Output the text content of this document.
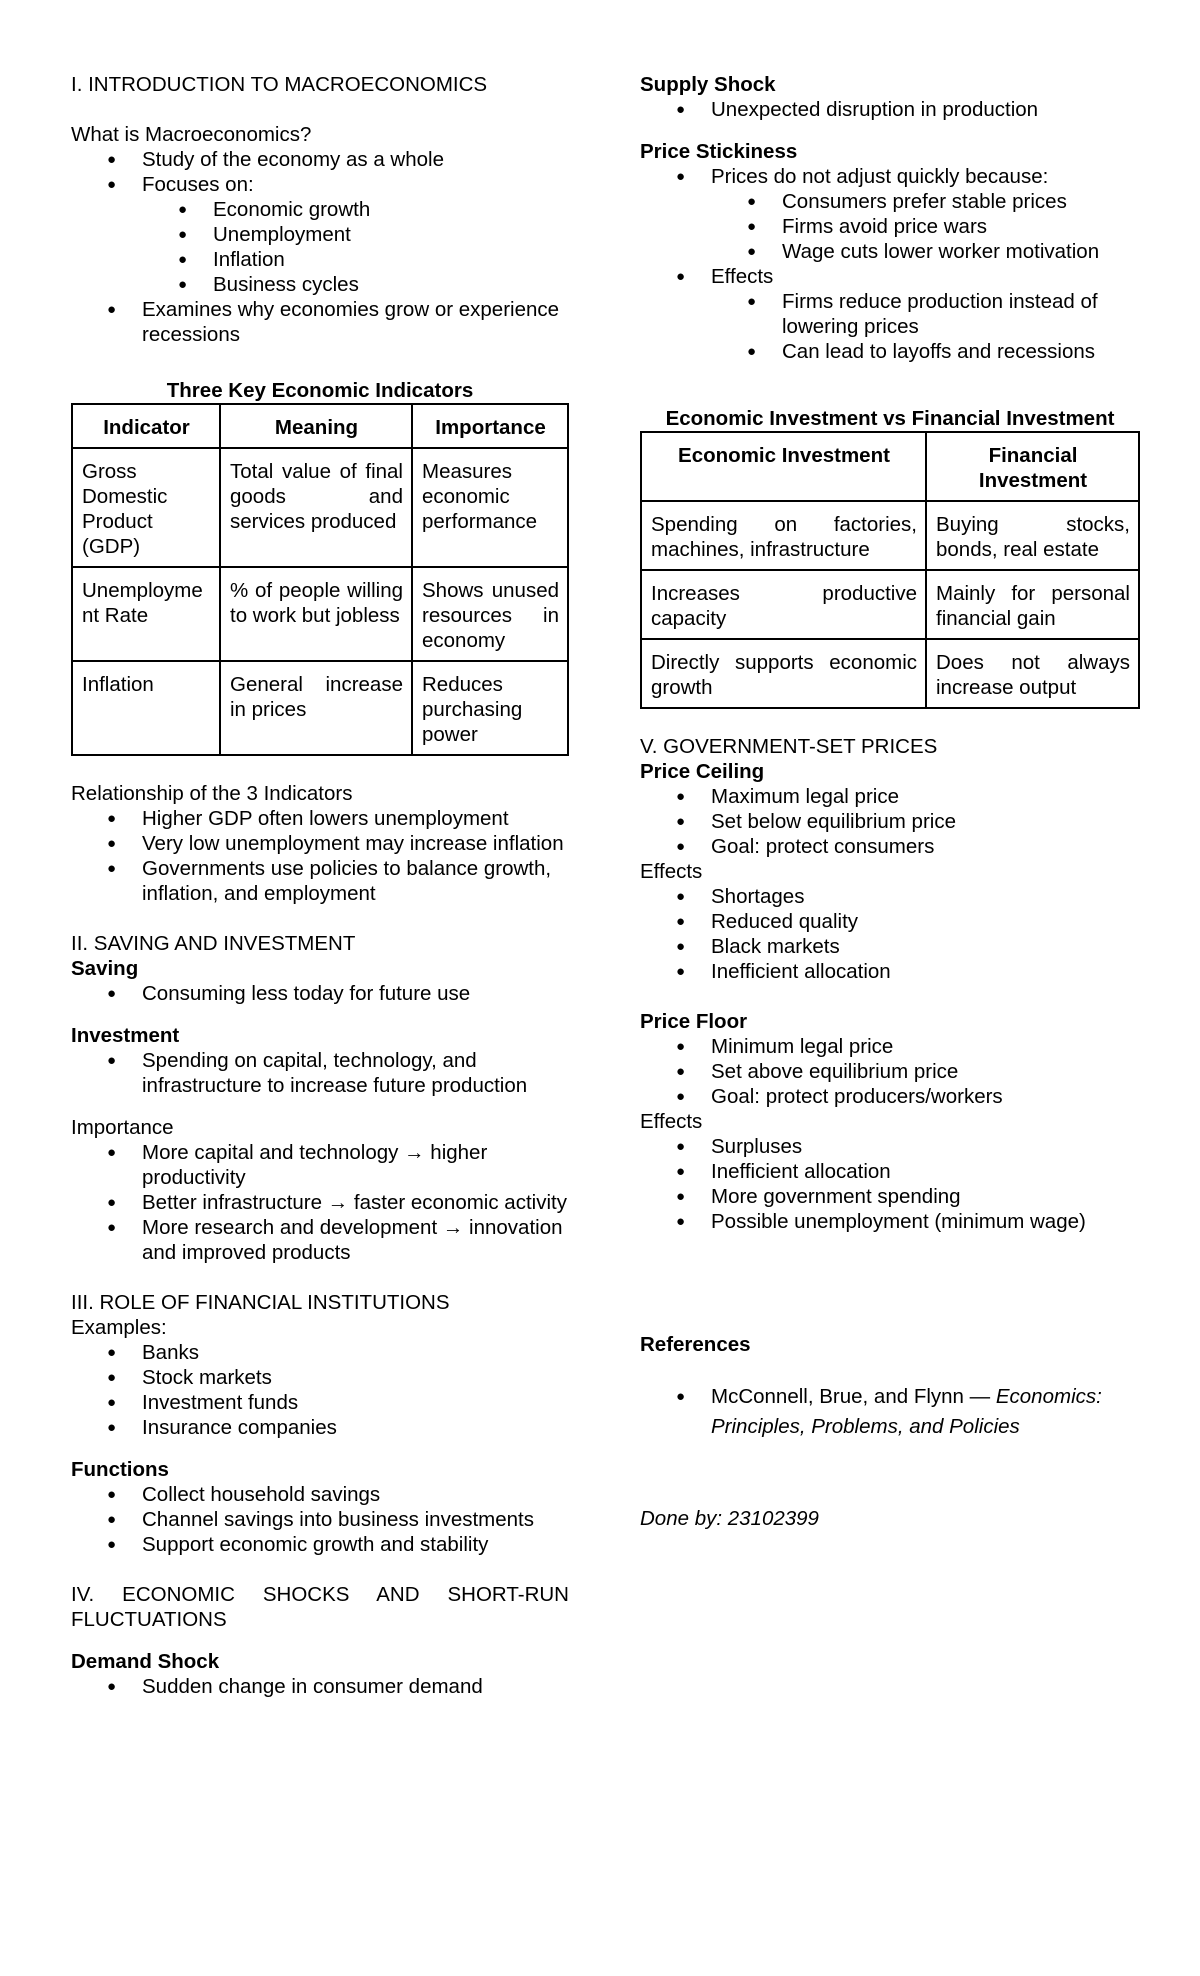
I. INTRODUCTION TO MACROECONOMICS

What is Macroeconomics?

● Study of the economy as a whole
● Focuses on:
● Economic growth
● Unemployment
● Inflation
● Business cycles
● Examines why economies grow or experience recessions
Three Key Economic Indicators
Indicator	Meaning	Importance
Gross Domestic Product (GDP)	Total value of final goods and services produced	Measures economic performance
Unemployment Rate	% of people willing to work but jobless	Shows unused resources in economy
Inflation	General increase in prices	Reduces purchasing power

Relationship of the 3 Indicators

● Higher GDP often lowers unemployment
● Very low unemployment may increase inflation
● Governments use policies to balance growth, inflation, and employment

II. SAVING AND INVESTMENT

Saving

● Consuming less today for future use

Investment

● Spending on capital, technology, and infrastructure to increase future production

Importance

● More capital and technology → higher productivity
● Better infrastructure → faster economic activity
● More research and development → innovation and improved products

III. ROLE OF FINANCIAL INSTITUTIONS

Examples:

● Banks
● Stock markets
● Investment funds
● Insurance companies

Functions

● Collect household savings
● Channel savings into business investments
● Support economic growth and stability

IV. ECONOMIC SHOCKS AND SHORT-RUN FLUCTUATIONS

Demand Shock

● Sudden change in consumer demand

Supply Shock

● Unexpected disruption in production

Price Stickiness

● Prices do not adjust quickly because:
● Consumers prefer stable prices
● Firms avoid price wars
● Wage cuts lower worker motivation
● Effects
● Firms reduce production instead of lowering prices
● Can lead to layoffs and recessions
Economic Investment vs Financial Investment
Economic Investment	Financial Investment
Spending on factories, machines, infrastructure	Buying stocks, bonds, real estate
Increases productive capacity	Mainly for personal financial gain
Directly supports economic growth	Does not always increase output

V. GOVERNMENT-SET PRICES

Price Ceiling

● Maximum legal price
● Set below equilibrium price
● Goal: protect consumers

Effects

● Shortages
● Reduced quality
● Black markets
● Inefficient allocation

Price Floor

● Minimum legal price
● Set above equilibrium price
● Goal: protect producers/workers

Effects

● Surpluses
● Inefficient allocation
● More government spending
● Possible unemployment (minimum wage)

References

● McConnell, Brue, and Flynn — Economics: Principles, Problems, and Policies

Done by: 23102399
